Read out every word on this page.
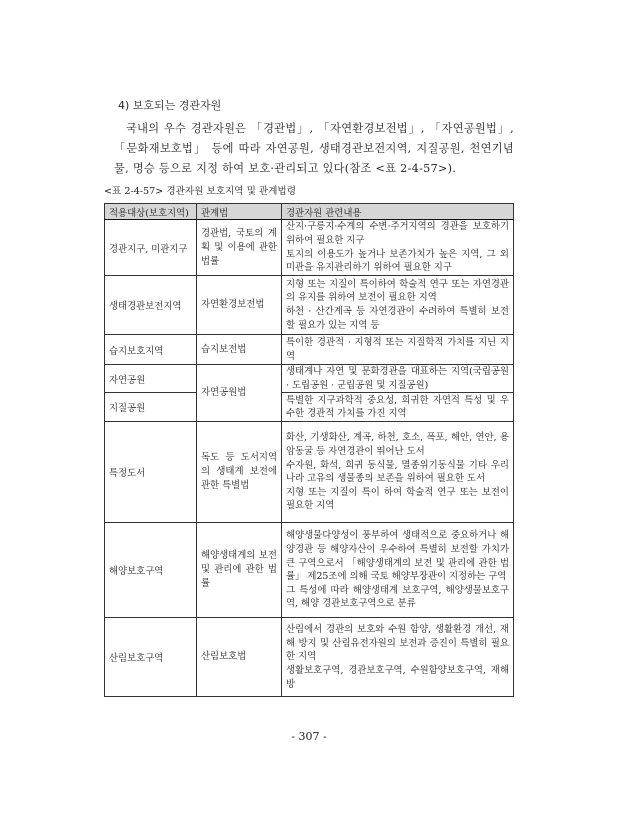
4) 보호되는 경관자원
국내의 우수 경관자원은 「경관법」, 「자연환경보전법」, 「자연공원법」, 「문화재보호법」 등에 따라 자연공원, 생태경관보전지역, 지질공원, 천연기념물, 명승 등으로 지정 하여 보호·관리되고 있다(참조 <표 2-4-57>).
<표 2-4-57> 경관자원 보호지역 및 관계법령
적용대상(보호지역)	관계법	경관자원 관련내용
경관지구, 미관지구	경관법, 국토의 계획 및 이용에 관한 법률	산지·구릉지·수계의 수변·주거지역의 경관을 보호하기 위하여 필요한 지구

토지의 이용도가 높거나 보존가치가 높은 지역, 그 외 미관을 유지관리하기 위하여 필요한 지구

생태경관보전지역	자연환경보전법	지형 또는 지질이 특이하여 학술적 연구 또는 자연경관의 유지를 위하여 보전이 필요한 지역

하천 · 산간계곡 등 자연경관이 수려하여 특별히 보전할 필요가 있는 지역 등

습지보호지역	습지보전법	특이한 경관적 · 지형적 또는 지질학적 가치를 지닌 지역

자연공원	자연공원법	생태계나 자연 및 문화경관을 대표하는 지역(국립공원 · 도립공원 · 군립공원 및 지질공원)

지질공원		특별한 지구과학적 중요성, 희귀한 자연적 특성 및 우수한 경관적 가치를 가진 지역

특정도서	독도 등 도서지역의 생태계 보전에 관한 특별법	화산, 기생화산, 계곡, 하천, 호소, 폭포, 해안, 연안, 용암동굴 등 자연경관이 뛰어난 도서

수자원, 화석, 희귀 동식물, 멸종위기동식물 기타 우리나라 고유의 생물종의 보존을 위하여 필요한 도서

지형 또는 지질이 특이 하여 학술적 연구 또는 보전이 필요한 지역

해양보호구역	해양생태계의 보전 및 관리에 관한 법률	해양생물다양성이 풍부하여 생태적으로 중요하거나 해양경관 등 해양자산이 우수하여 특별히 보전할 가치가 큰 구역으로서 「해양생태계의 보전 및 관리에 관한 법률」 제25조에 의해 국토 해양부장관이 지정하는 구역

그 특성에 따라 해양생태계 보호구역, 해양생물보호구역, 해양 경관보호구역으로 분류

산림보호구역	산림보호법	산림에서 경관의 보호와 수원 함양, 생활환경 개선, 재해 방지 및 산림유전자원의 보전과 증진이 특별히 필요한 지역

생활보호구역, 경관보호구역, 수원함양보호구역, 재해방

- 307 -
